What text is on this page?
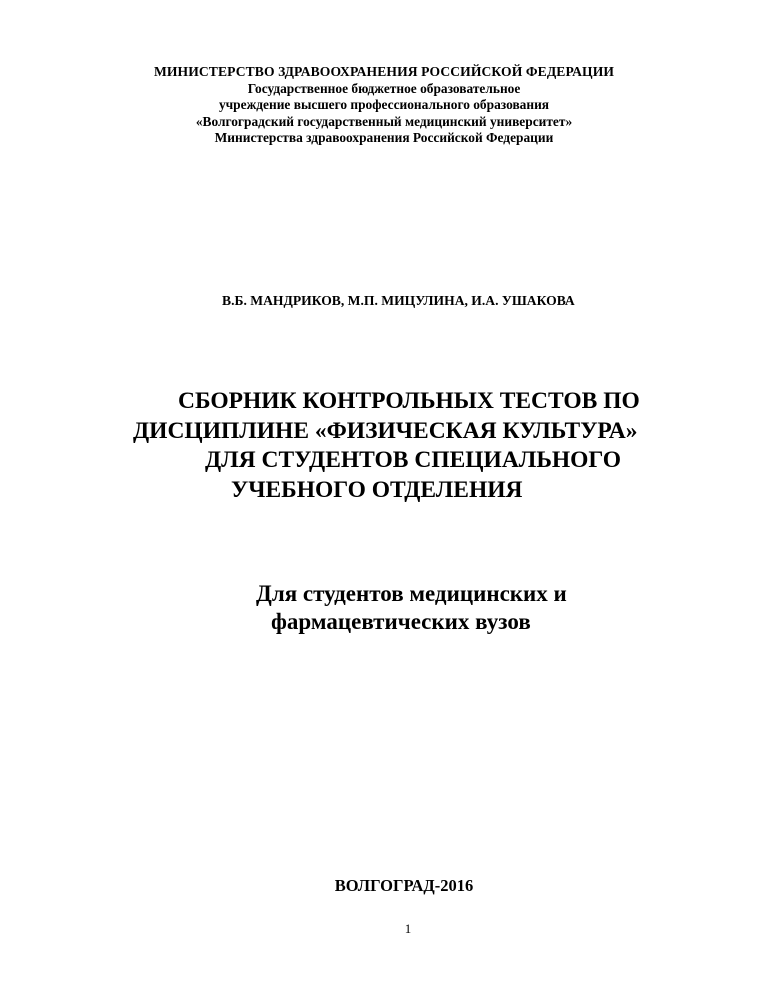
МИНИСТЕРСТВО ЗДРАВООХРАНЕНИЯ РОССИЙСКОЙ ФЕДЕРАЦИИ
Государственное бюджетное образовательное
учреждение высшего профессионального образования
«Волгоградский государственный медицинский университет»
Министерства здравоохранения Российской Федерации
В.Б. МАНДРИКОВ, М.П. МИЦУЛИНА, И.А. УШАКОВА
СБОРНИК КОНТРОЛЬНЫХ ТЕСТОВ ПО
ДИСЦИПЛИНЕ «ФИЗИЧЕСКАЯ КУЛЬТУРА»
ДЛЯ СТУДЕНТОВ СПЕЦИАЛЬНОГО
УЧЕБНОГО ОТДЕЛЕНИЯ
Для студентов медицинских и
фармацевтических вузов
ВОЛГОГРАД-2016
1
